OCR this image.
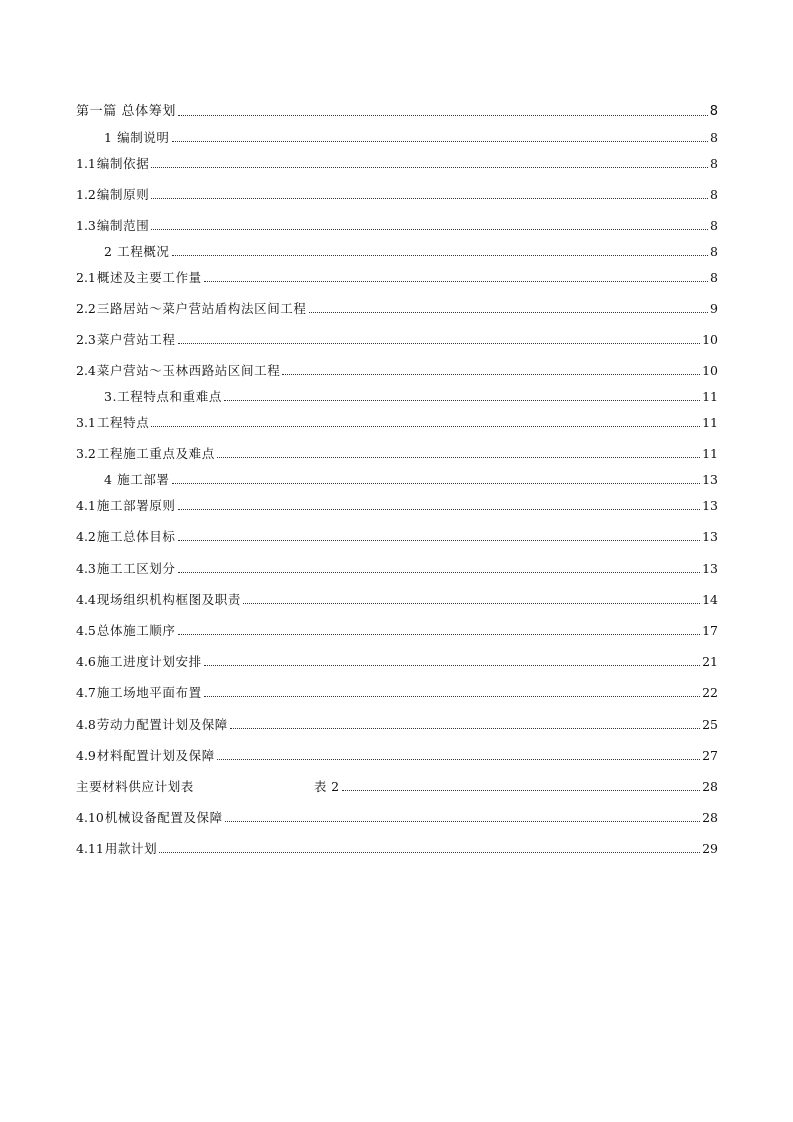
第一篇 总体筹划	8
1 编制说明	8
1.1编制依据	8
1.2编制原则	8
1.3编制范围	8
2 工程概况	8
2.1概述及主要工作量	8
2.2三路居站～菜户营站盾构法区间工程	9
2.3菜户营站工程	10
2.4菜户营站～玉林西路站区间工程	10
3.工程特点和重难点	11
3.1工程特点	11
3.2工程施工重点及难点	11
4 施工部署	13
4.1施工部署原则	13
4.2施工总体目标	13
4.3施工工区划分	13
4.4现场组织机构框图及职责	14
4.5总体施工顺序	17
4.6施工进度计划安排	21
4.7施工场地平面布置	22
4.8劳动力配置计划及保障	25
4.9材料配置计划及保障	27
主要材料供应计划表	表 2	28
4.10机械设备配置及保障	28
4.11用款计划	29
